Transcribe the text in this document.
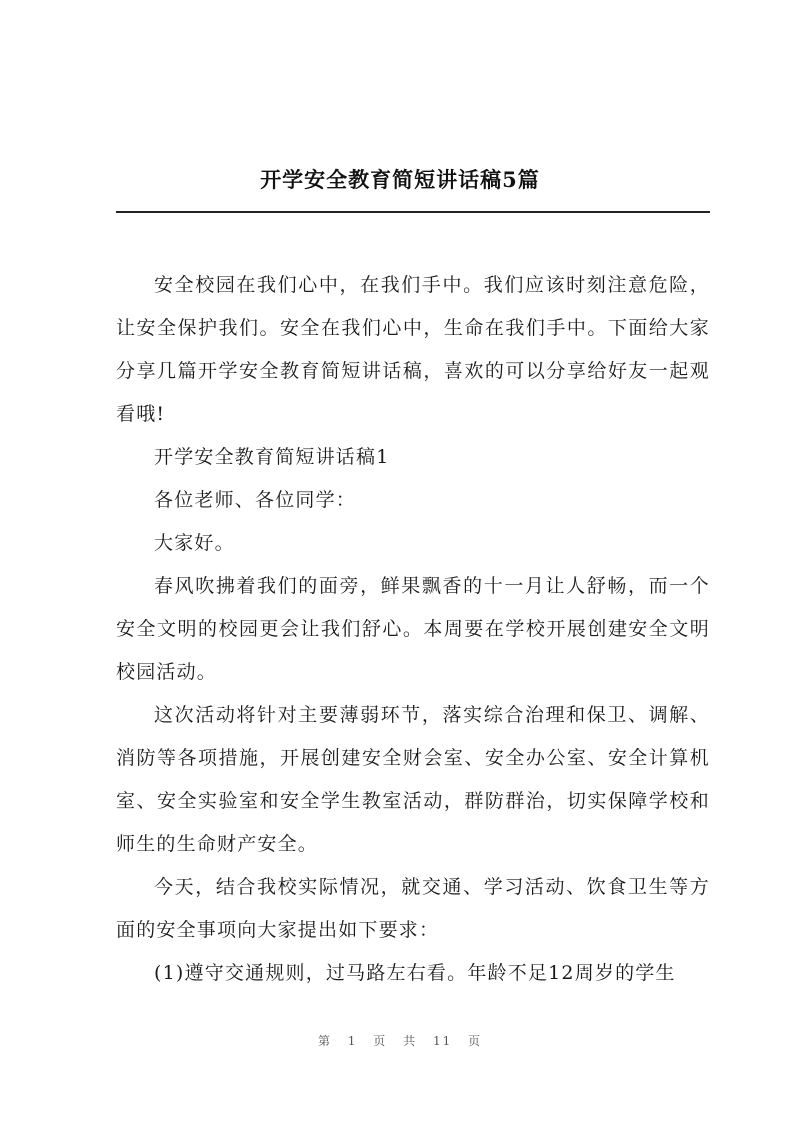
开学安全教育简短讲话稿5篇

安全校园在我们心中，在我们手中。我们应该时刻注意危险，让安全保护我们。安全在我们心中，生命在我们手中。下面给大家分享几篇开学安全教育简短讲话稿，喜欢的可以分享给好友一起观看哦!

开学安全教育简短讲话稿1

各位老师、各位同学：

大家好。

春风吹拂着我们的面旁，鲜果飘香的十一月让人舒畅，而一个安全文明的校园更会让我们舒心。本周要在学校开展创建安全文明校园活动。

这次活动将针对主要薄弱环节，落实综合治理和保卫、调解、消防等各项措施，开展创建安全财会室、安全办公室、安全计算机室、安全实验室和安全学生教室活动，群防群治，切实保障学校和师生的生命财产安全。

今天，结合我校实际情况，就交通、学习活动、饮食卫生等方面的安全事项向大家提出如下要求：

(1)遵守交通规则，过马路左右看。年龄不足12周岁的学生

第 1 页 共 11 页
